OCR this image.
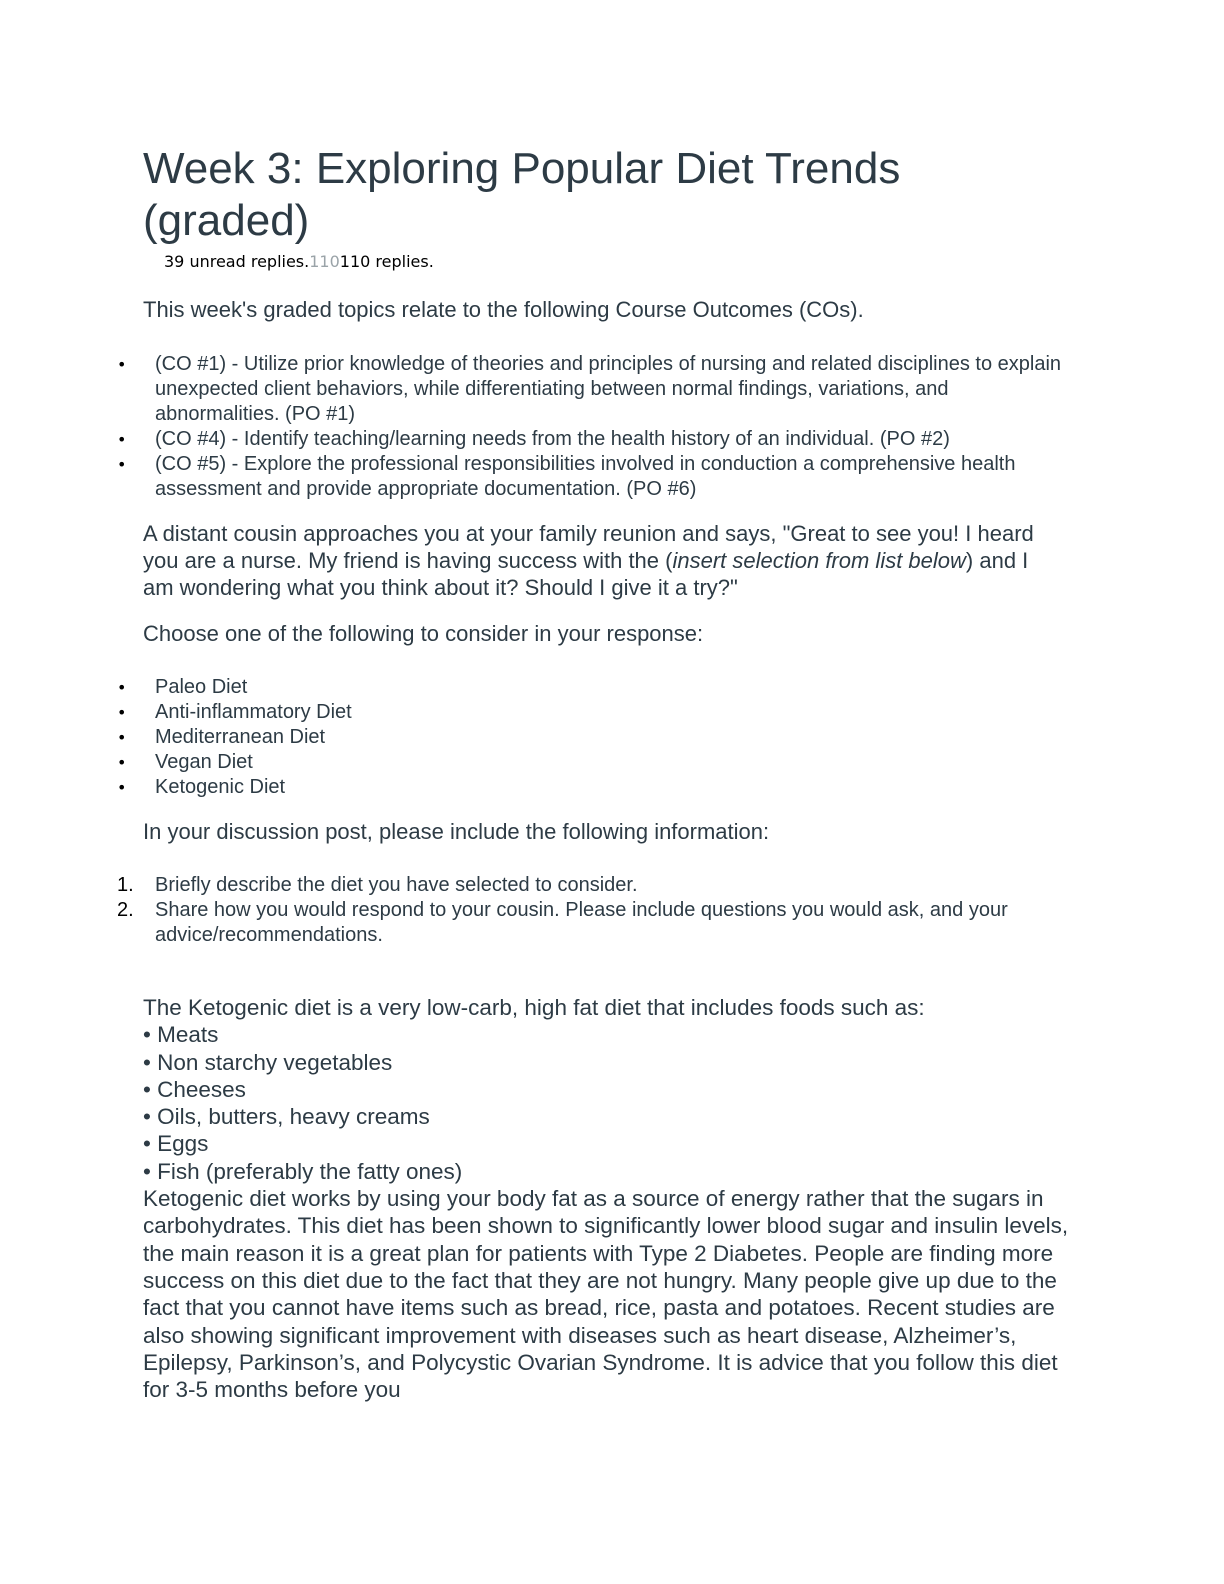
Week 3: Exploring Popular Diet Trends (graded)
39 unread replies.110110 replies.

This week's graded topics relate to the following Course Outcomes (COs).

• (CO #1) - Utilize prior knowledge of theories and principles of nursing and related disciplines to explain unexpected client behaviors, while differentiating between normal findings, variations, and abnormalities. (PO #1)
• (CO #4) - Identify teaching/learning needs from the health history of an individual. (PO #2)
• (CO #5) - Explore the professional responsibilities involved in conduction a comprehensive health assessment and provide appropriate documentation. (PO #6)

A distant cousin approaches you at your family reunion and says, "Great to see you! I heard you are a nurse. My friend is having success with the (insert selection from list below) and I am wondering what you think about it? Should I give it a try?"

Choose one of the following to consider in your response:

• Paleo Diet
• Anti-inflammatory Diet
• Mediterranean Diet
• Vegan Diet
• Ketogenic Diet

In your discussion post, please include the following information:

1. Briefly describe the diet you have selected to consider.
2. Share how you would respond to your cousin. Please include questions you would ask, and your advice/recommendations.
The Ketogenic diet is a very low-carb, high fat diet that includes foods such as:
• Meats
• Non starchy vegetables
• Cheeses
• Oils, butters, heavy creams
• Eggs
• Fish (preferably the fatty ones)
Ketogenic diet works by using your body fat as a source of energy rather that the sugars in carbohydrates. This diet has been shown to significantly lower blood sugar and insulin levels, the main reason it is a great plan for patients with Type 2 Diabetes. People are finding more success on this diet due to the fact that they are not hungry. Many people give up due to the fact that you cannot have items such as bread, rice, pasta and potatoes. Recent studies are also showing significant improvement with diseases such as heart disease, Alzheimer’s, Epilepsy, Parkinson’s, and Polycystic Ovarian Syndrome. It is advice that you follow this diet for 3-5 months before you
